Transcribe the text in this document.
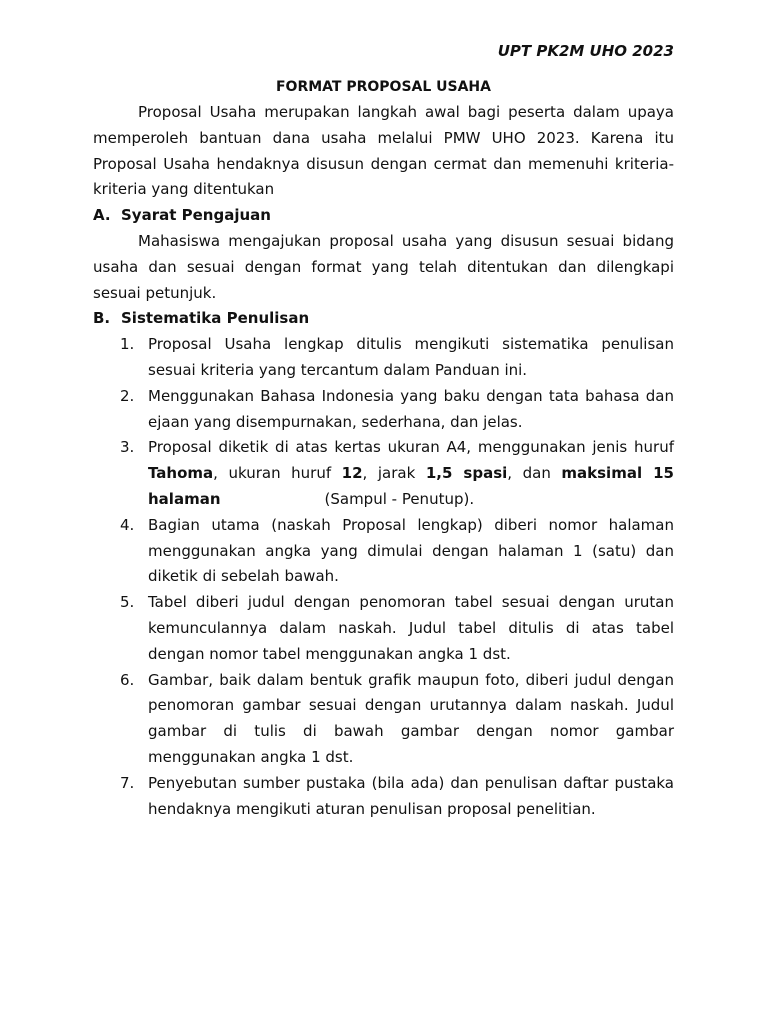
UPT PK2M UHO 2023

FORMAT PROPOSAL USAHA

Proposal Usaha merupakan langkah awal bagi peserta dalam upaya memperoleh bantuan dana usaha melalui PMW UHO 2023. Karena itu Proposal Usaha hendaknya disusun dengan cermat dan memenuhi kriteria-kriteria yang ditentukan

A. Syarat Pengajuan

Mahasiswa mengajukan proposal usaha yang disusun sesuai bidang usaha dan sesuai dengan format yang telah ditentukan dan dilengkapi sesuai petunjuk.

B. Sistematika Penulisan
1. Proposal Usaha lengkap ditulis mengikuti sistematika penulisan sesuai kriteria yang tercantum dalam Panduan ini.
2. Menggunakan Bahasa Indonesia yang baku dengan tata bahasa dan ejaan yang disempurnakan, sederhana, dan jelas.
3. Proposal diketik di atas kertas ukuran A4, menggunakan jenis huruf Tahoma, ukuran huruf 12, jarak 1,5 spasi, dan maksimal 15 halaman	(Sampul - Penutup).
4. Bagian utama (naskah Proposal lengkap) diberi nomor halaman menggunakan angka yang dimulai dengan halaman 1 (satu) dan diketik di sebelah bawah.
5. Tabel diberi judul dengan penomoran tabel sesuai dengan urutan kemunculannya dalam naskah. Judul tabel ditulis di atas tabel dengan nomor tabel menggunakan angka 1 dst.
6. Gambar, baik dalam bentuk grafik maupun foto, diberi judul dengan penomoran gambar sesuai dengan urutannya dalam naskah. Judul gambar di tulis di bawah gambar dengan nomor gambar menggunakan angka 1 dst.
7. Penyebutan sumber pustaka (bila ada) dan penulisan daftar pustaka hendaknya mengikuti aturan penulisan proposal penelitian.
